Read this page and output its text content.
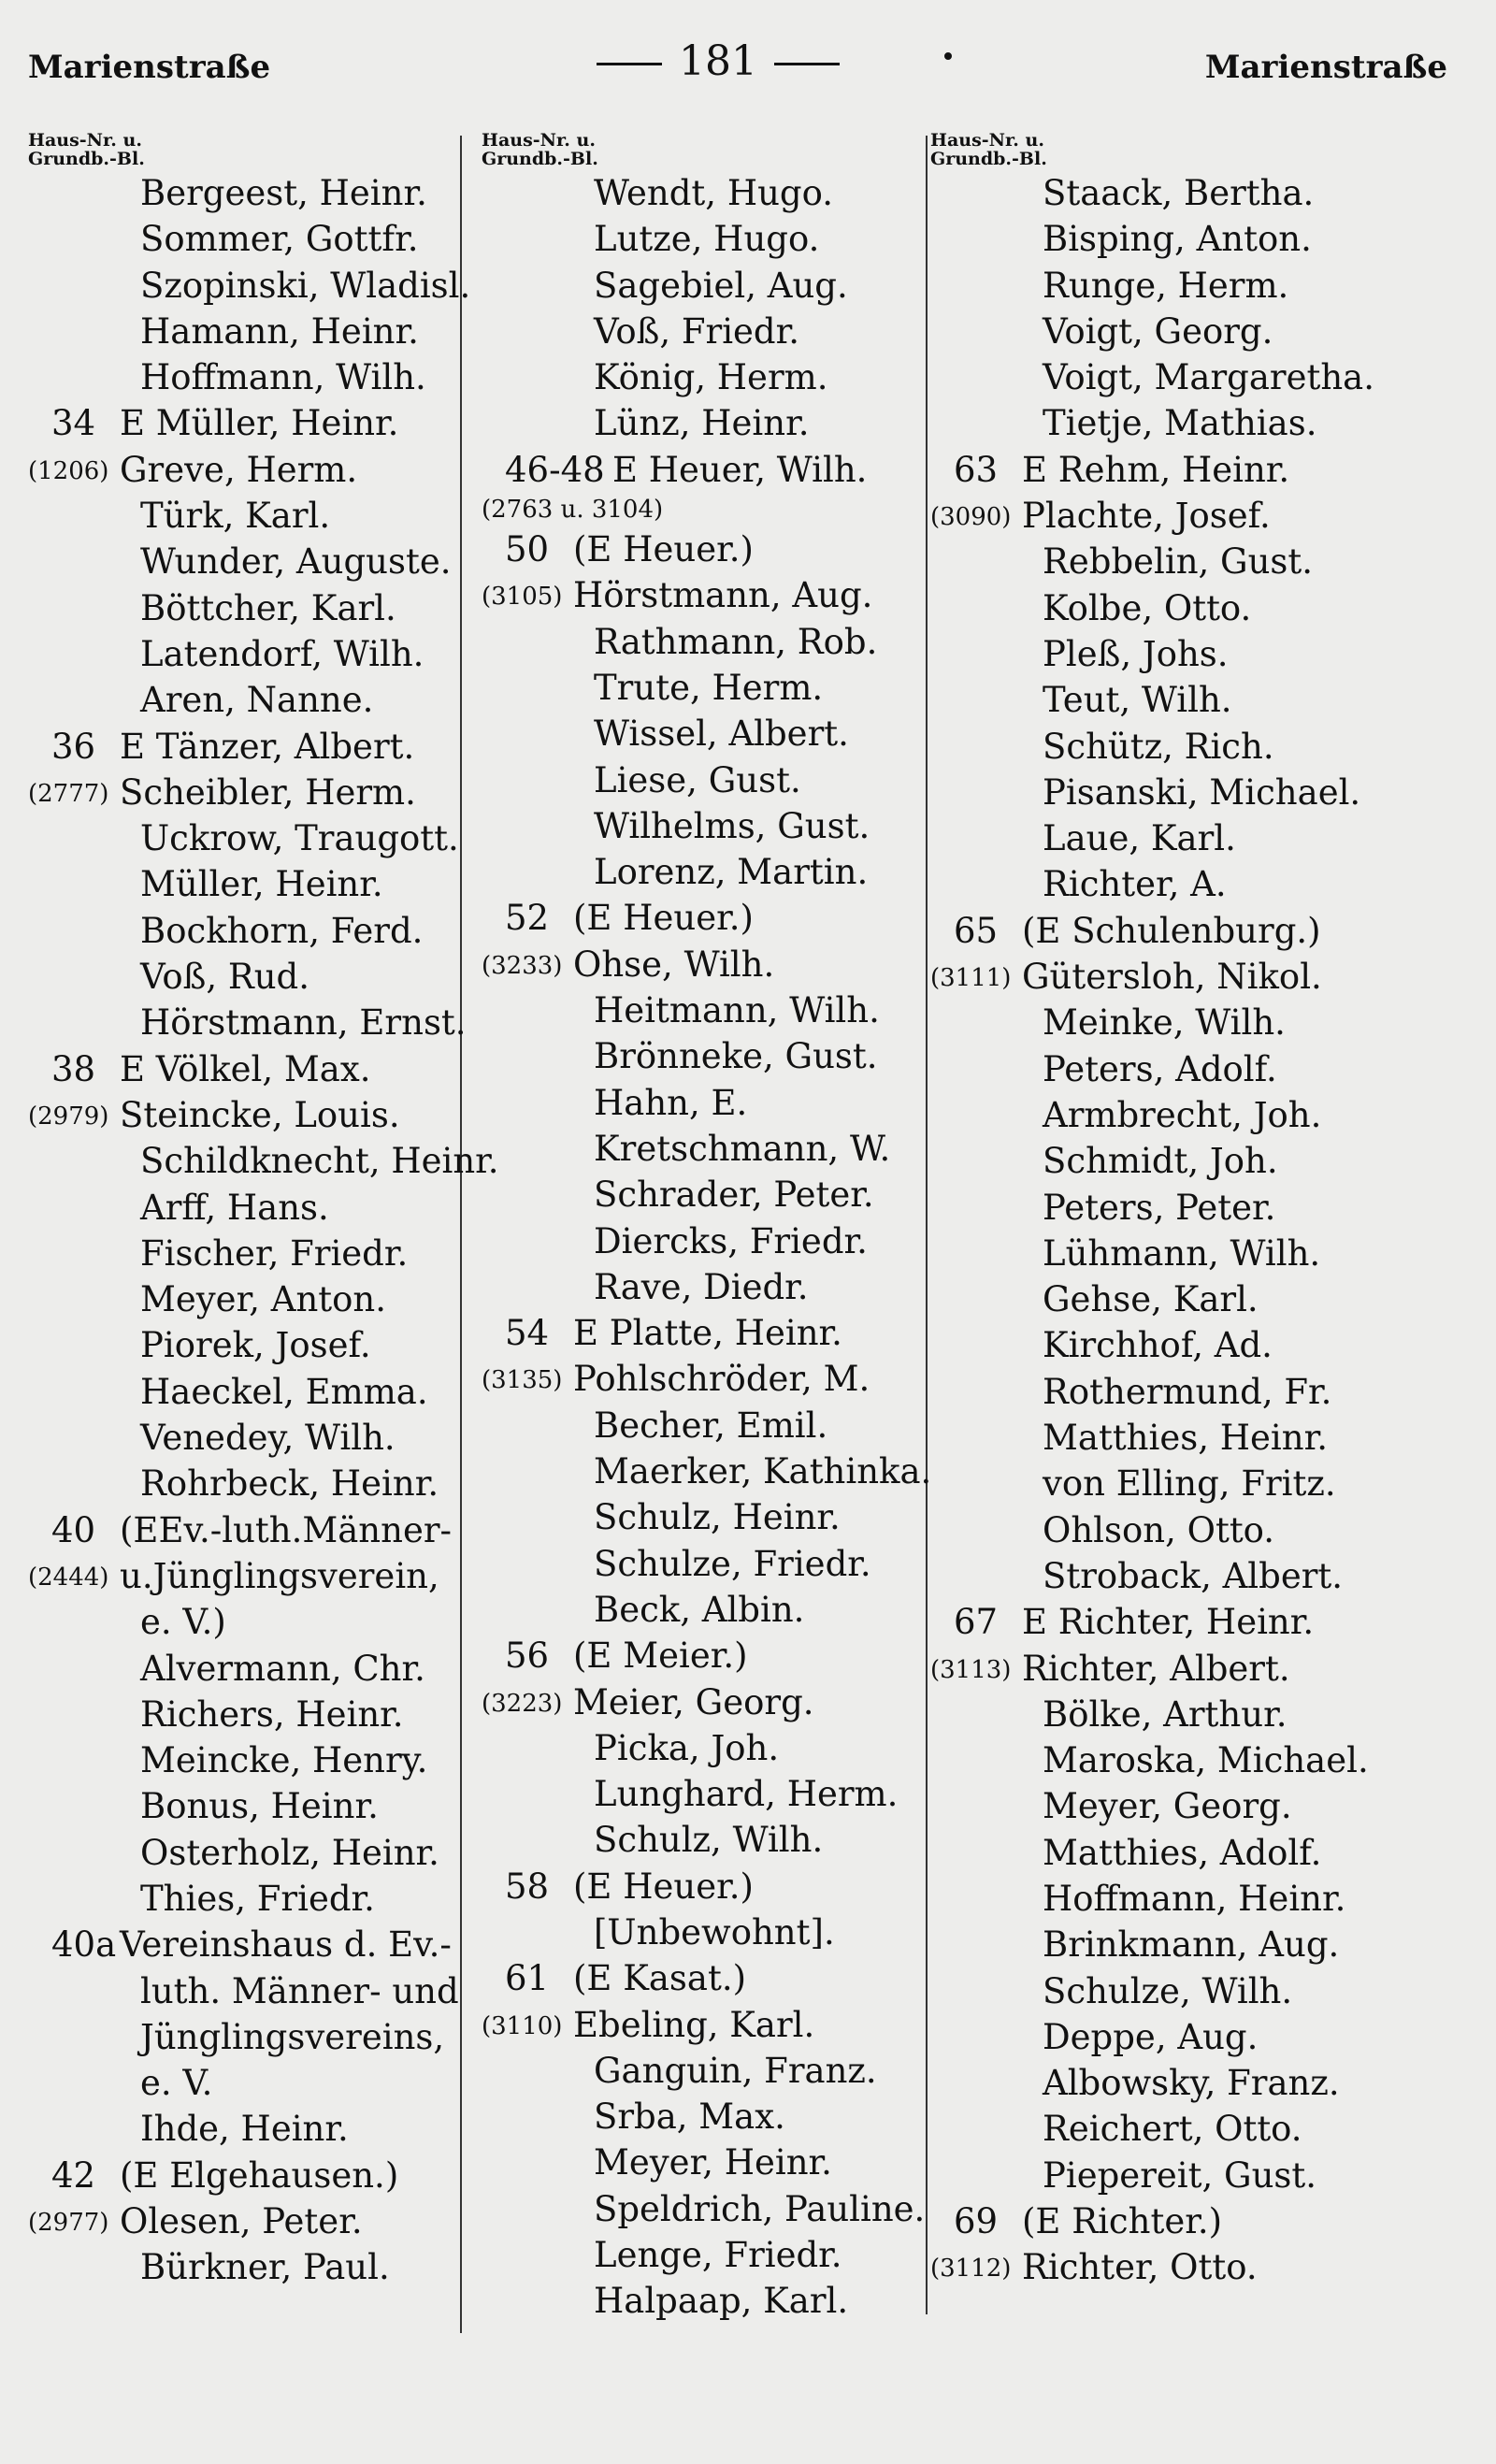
Marienstraße	181	Marienstraße
Haus-Nr. u.
Grundb.-Bl.
Bergeest, Heinr.
Sommer, Gottfr.
Szopinski, Wladisl.
Hamann, Heinr.
Hoffmann, Wilh.
34 E Müller, Heinr.
(1206) Greve, Herm.
Türk, Karl.
Wunder, Auguste.
Böttcher, Karl.
Latendorf, Wilh.
Aren, Nanne.
36 E Tänzer, Albert.
(2777) Scheibler, Herm.
Uckrow, Traugott.
Müller, Heinr.
Bockhorn, Ferd.
Voß, Rud.
Hörstmann, Ernst.
38 E Völkel, Max.
(2979) Steincke, Louis.
Schildknecht, Heinr.
Arff, Hans.
Fischer, Friedr.
Meyer, Anton.
Piorek, Josef.
Haeckel, Emma.
Venedey, Wilh.
Rohrbeck, Heinr.
40 (EEv.-luth.Männer-
(2444) u.Jünglingsverein,
e. V.)
Alvermann, Chr.
Richers, Heinr.
Meincke, Henry.
Bonus, Heinr.
Osterholz, Heinr.
Thies, Friedr.
40a Vereinshaus d. Ev.-
luth. Männer- und
Jünglingsvereins,
e. V.
Ihde, Heinr.
42 (E Elgehausen.)
(2977) Olesen, Peter.
Bürkner, Paul.
Haus-Nr. u.
Grundb.-Bl.
Wendt, Hugo.
Lutze, Hugo.
Sagebiel, Aug.
Voß, Friedr.
König, Herm.
Lünz, Heinr.
46-48 E Heuer, Wilh.
(2763 u. 3104)
50 (E Heuer.)
(3105) Hörstmann, Aug.
Rathmann, Rob.
Trute, Herm.
Wissel, Albert.
Liese, Gust.
Wilhelms, Gust.
Lorenz, Martin.
52 (E Heuer.)
(3233) Ohse, Wilh.
Heitmann, Wilh.
Brönneke, Gust.
Hahn, E.
Kretschmann, W.
Schrader, Peter.
Diercks, Friedr.
Rave, Diedr.
54 E Platte, Heinr.
(3135) Pohlschröder, M.
Becher, Emil.
Maerker, Kathinka.
Schulz, Heinr.
Schulze, Friedr.
Beck, Albin.
56 (E Meier.)
(3223) Meier, Georg.
Picka, Joh.
Lunghard, Herm.
Schulz, Wilh.
58 (E Heuer.)
[Unbewohnt].
61 (E Kasat.)
(3110) Ebeling, Karl.
Ganguin, Franz.
Srba, Max.
Meyer, Heinr.
Speldrich, Pauline.
Lenge, Friedr.
Halpaap, Karl.
Haus-Nr. u.
Grundb.-Bl.
Staack, Bertha.
Bisping, Anton.
Runge, Herm.
Voigt, Georg.
Voigt, Margaretha.
Tietje, Mathias.
63 E Rehm, Heinr.
(3090) Plachte, Josef.
Rebbelin, Gust.
Kolbe, Otto.
Pleß, Johs.
Teut, Wilh.
Schütz, Rich.
Pisanski, Michael.
Laue, Karl.
Richter, A.
65 (E Schulenburg.)
(3111) Gütersloh, Nikol.
Meinke, Wilh.
Peters, Adolf.
Armbrecht, Joh.
Schmidt, Joh.
Peters, Peter.
Lühmann, Wilh.
Gehse, Karl.
Kirchhof, Ad.
Rothermund, Fr.
Matthies, Heinr.
von Elling, Fritz.
Ohlson, Otto.
Stroback, Albert.
67 E Richter, Heinr.
(3113) Richter, Albert.
Bölke, Arthur.
Maroska, Michael.
Meyer, Georg.
Matthies, Adolf.
Hoffmann, Heinr.
Brinkmann, Aug.
Schulze, Wilh.
Deppe, Aug.
Albowsky, Franz.
Reichert, Otto.
Piepereit, Gust.
69 (E Richter.)
(3112) Richter, Otto.
